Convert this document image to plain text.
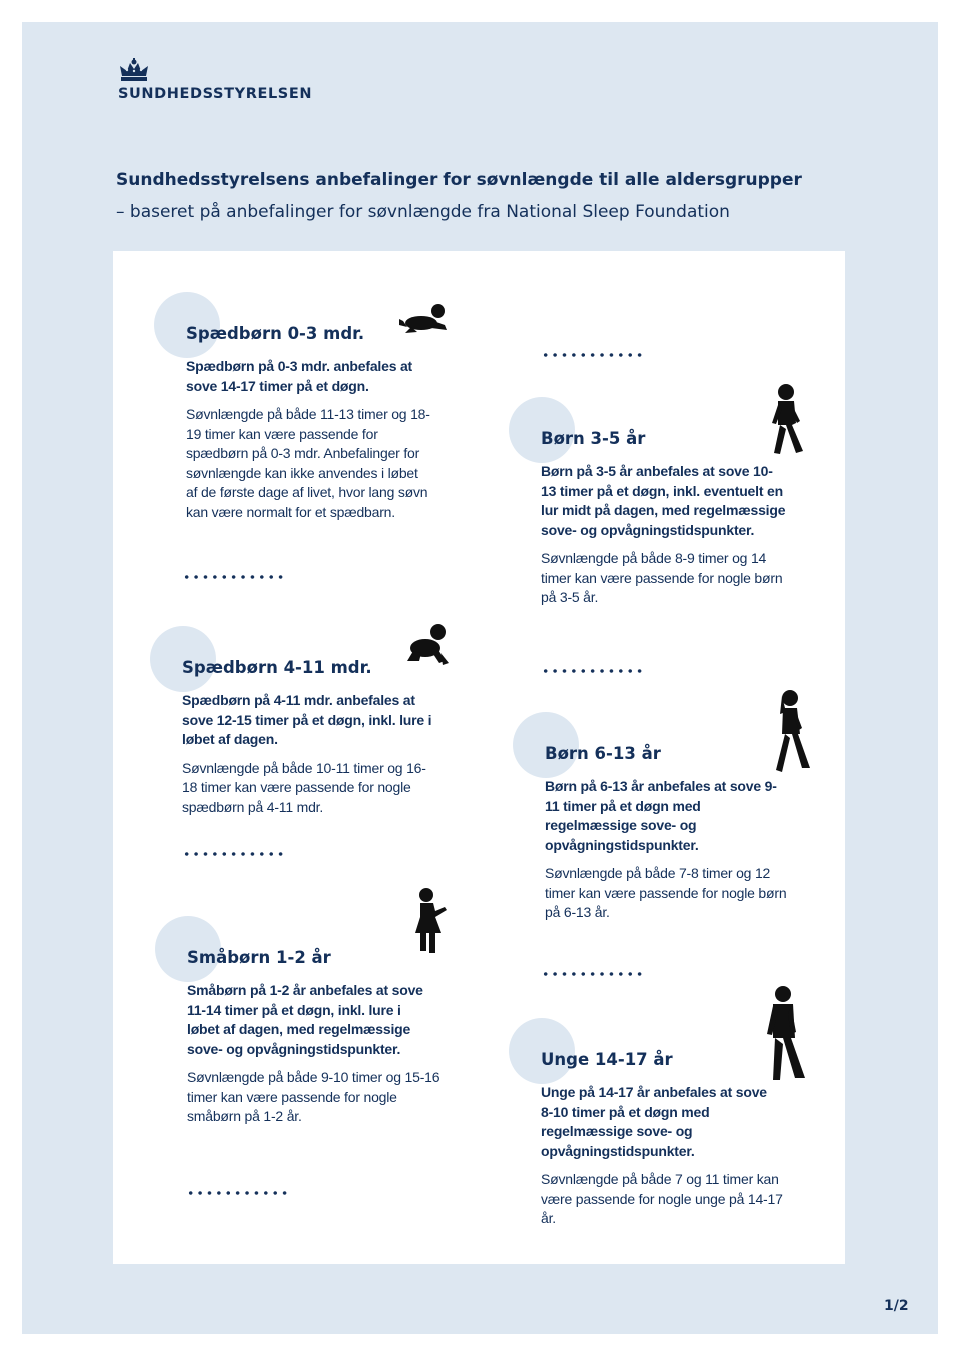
SUNDHEDSSTYRELSEN
Sundhedsstyrelsens anbefalinger for søvnlængde til alle aldersgrupper
– baseret på anbefalinger for søvnlængde fra National Sleep Foundation
Spædbørn 0-3 mdr.
Spædbørn på 0-3 mdr. anbefales at sove 14-17 timer på et døgn.
Søvnlængde på både 11-13 timer og 18-19 timer kan være passende for spædbørn på 0-3 mdr. Anbefalinger for søvnlængde kan ikke anvendes i løbet af de første dage af livet, hvor lang søvn kan være normalt for et spædbarn.
Spædbørn 4-11 mdr.
Spædbørn på 4-11 mdr. anbefales at sove 12-15 timer på et døgn, inkl. lure i løbet af dagen.
Søvnlængde på både 10-11 timer og 16-18 timer kan være passende for nogle spædbørn på 4-11 mdr.
Småbørn 1-2 år
Småbørn på 1-2 år anbefales at sove 11-14 timer på et døgn, inkl. lure i løbet af dagen, med regelmæssige sove- og opvågningstidspunkter.
Søvnlængde på både 9-10 timer og 15-16 timer kan være passende for nogle småbørn på 1-2 år.
Børn 3-5 år
Børn på 3-5 år anbefales at sove 10-13 timer på et døgn, inkl. eventuelt en lur midt på dagen, med regelmæssige sove- og opvågningstidspunkter.
Søvnlængde på både 8-9 timer og 14 timer kan være passende for nogle børn på 3-5 år.
Børn 6-13 år
Børn på 6-13 år anbefales at sove 9-11 timer på et døgn med regelmæssige sove- og opvågningstidspunkter.
Søvnlængde på både 7-8 timer og 12 timer kan være passende for nogle børn på 6-13 år.
Unge 14-17 år
Unge på 14-17 år anbefales at sove 8-10 timer på et døgn med regelmæssige sove- og opvågningstidspunkter.
Søvnlængde på både 7 og 11 timer kan være passende for nogle unge på 14-17 år.
1/2
